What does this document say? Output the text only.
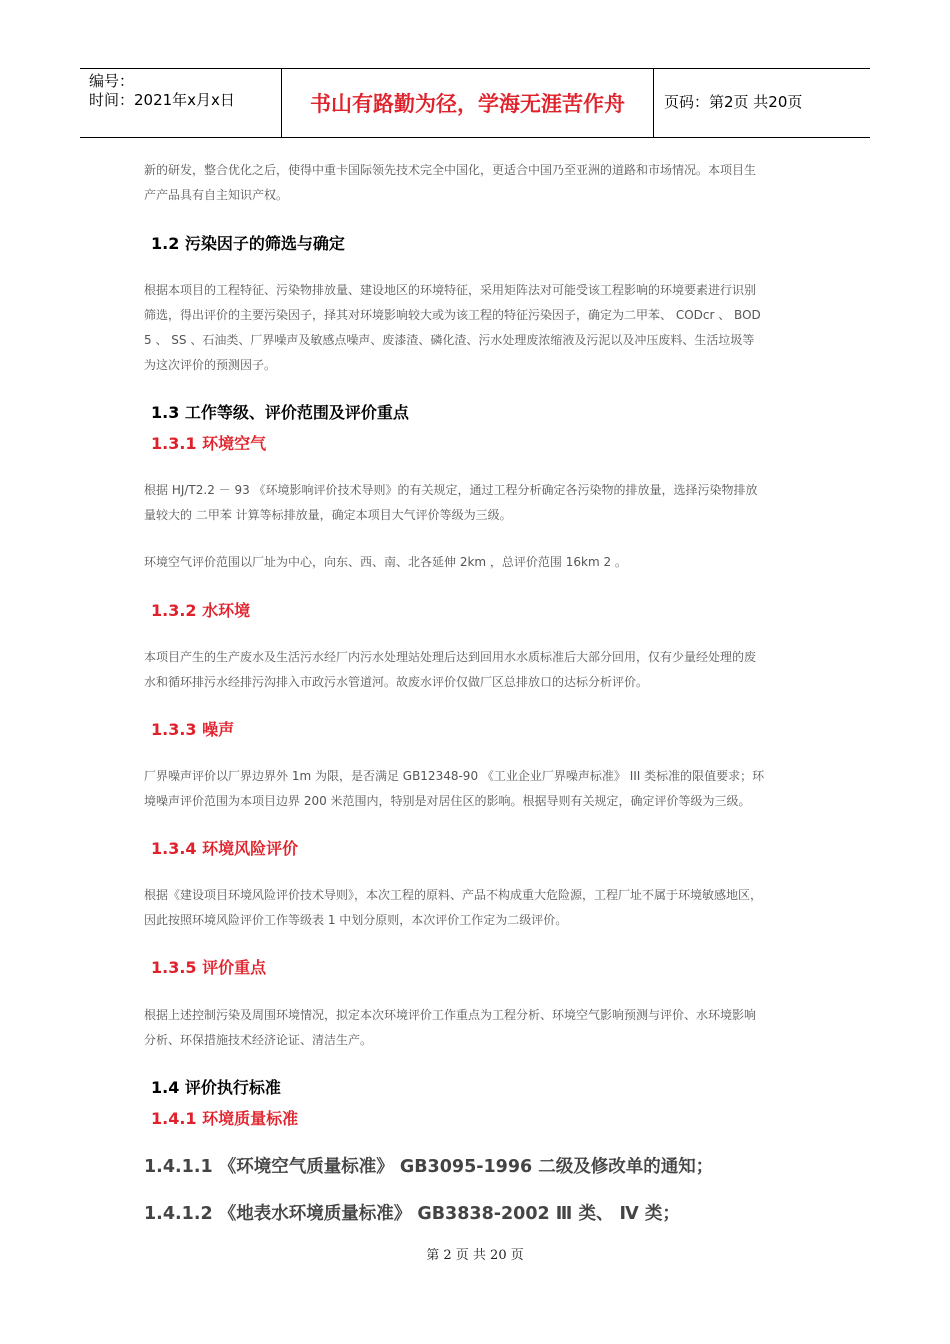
编号：
时间：2021年x月x日	书山有路勤为径，学海无涯苦作舟	页码：第2页 共20页
新的研发，整合优化之后，使得中重卡国际领先技术完全中国化，更适合中国乃至亚洲的道路和市场情况。本项目生
产产品具有自主知识产权。
1.2 污染因子的筛选与确定
根据本项目的工程特征、污染物排放量、建设地区的环境特征，采用矩阵法对可能受该工程影响的环境要素进行识别
筛选，得出评价的主要污染因子，择其对环境影响较大或为该工程的特征污染因子，确定为二甲苯、 CODcr 、 BOD
5 、 SS 、石油类、厂界噪声及敏感点噪声、废漆渣、磷化渣、污水处理废浓缩液及污泥以及冲压废料、生活垃圾等
为这次评价的预测因子。
1.3 工作等级、评价范围及评价重点
1.3.1 环境空气
根据 HJ/T2.2 － 93 《环境影响评价技术导则》的有关规定，通过工程分析确定各污染物的排放量，选择污染物排放
量较大的 二甲苯 计算等标排放量，确定本项目大气评价等级为三级。
环境空气评价范围以厂址为中心，向东、西、南、北各延伸 2km ，总评价范围 16km 2 。
1.3.2 水环境
本项目产生的生产废水及生活污水经厂内污水处理站处理后达到回用水水质标准后大部分回用，仅有少量经处理的废
水和循环排污水经排污沟排入市政污水管道河。故废水评价仅做厂区总排放口的达标分析评价。
1.3.3 噪声
厂界噪声评价以厂界边界外 1m 为限，是否满足 GB12348-90 《工业企业厂界噪声标准》 III 类标准的限值要求；环
境噪声评价范围为本项目边界 200 米范围内，特别是对居住区的影响。根据导则有关规定，确定评价等级为三级。
1.3.4 环境风险评价
根据《建设项目环境风险评价技术导则》，本次工程的原料、产品不构成重大危险源，工程厂址不属于环境敏感地区，
因此按照环境风险评价工作等级表 1 中划分原则，本次评价工作定为二级评价。
1.3.5 评价重点
根据上述控制污染及周围环境情况，拟定本次环境评价工作重点为工程分析、环境空气影响预测与评价、水环境影响
分析、环保措施技术经济论证、清洁生产。
1.4 评价执行标准
1.4.1 环境质量标准
1.4.1.1 《环境空气质量标准》 GB3095-1996 二级及修改单的通知；
1.4.1.2 《地表水环境质量标准》 GB3838-2002 Ⅲ 类、 Ⅳ 类；
第 2 页 共 20 页
